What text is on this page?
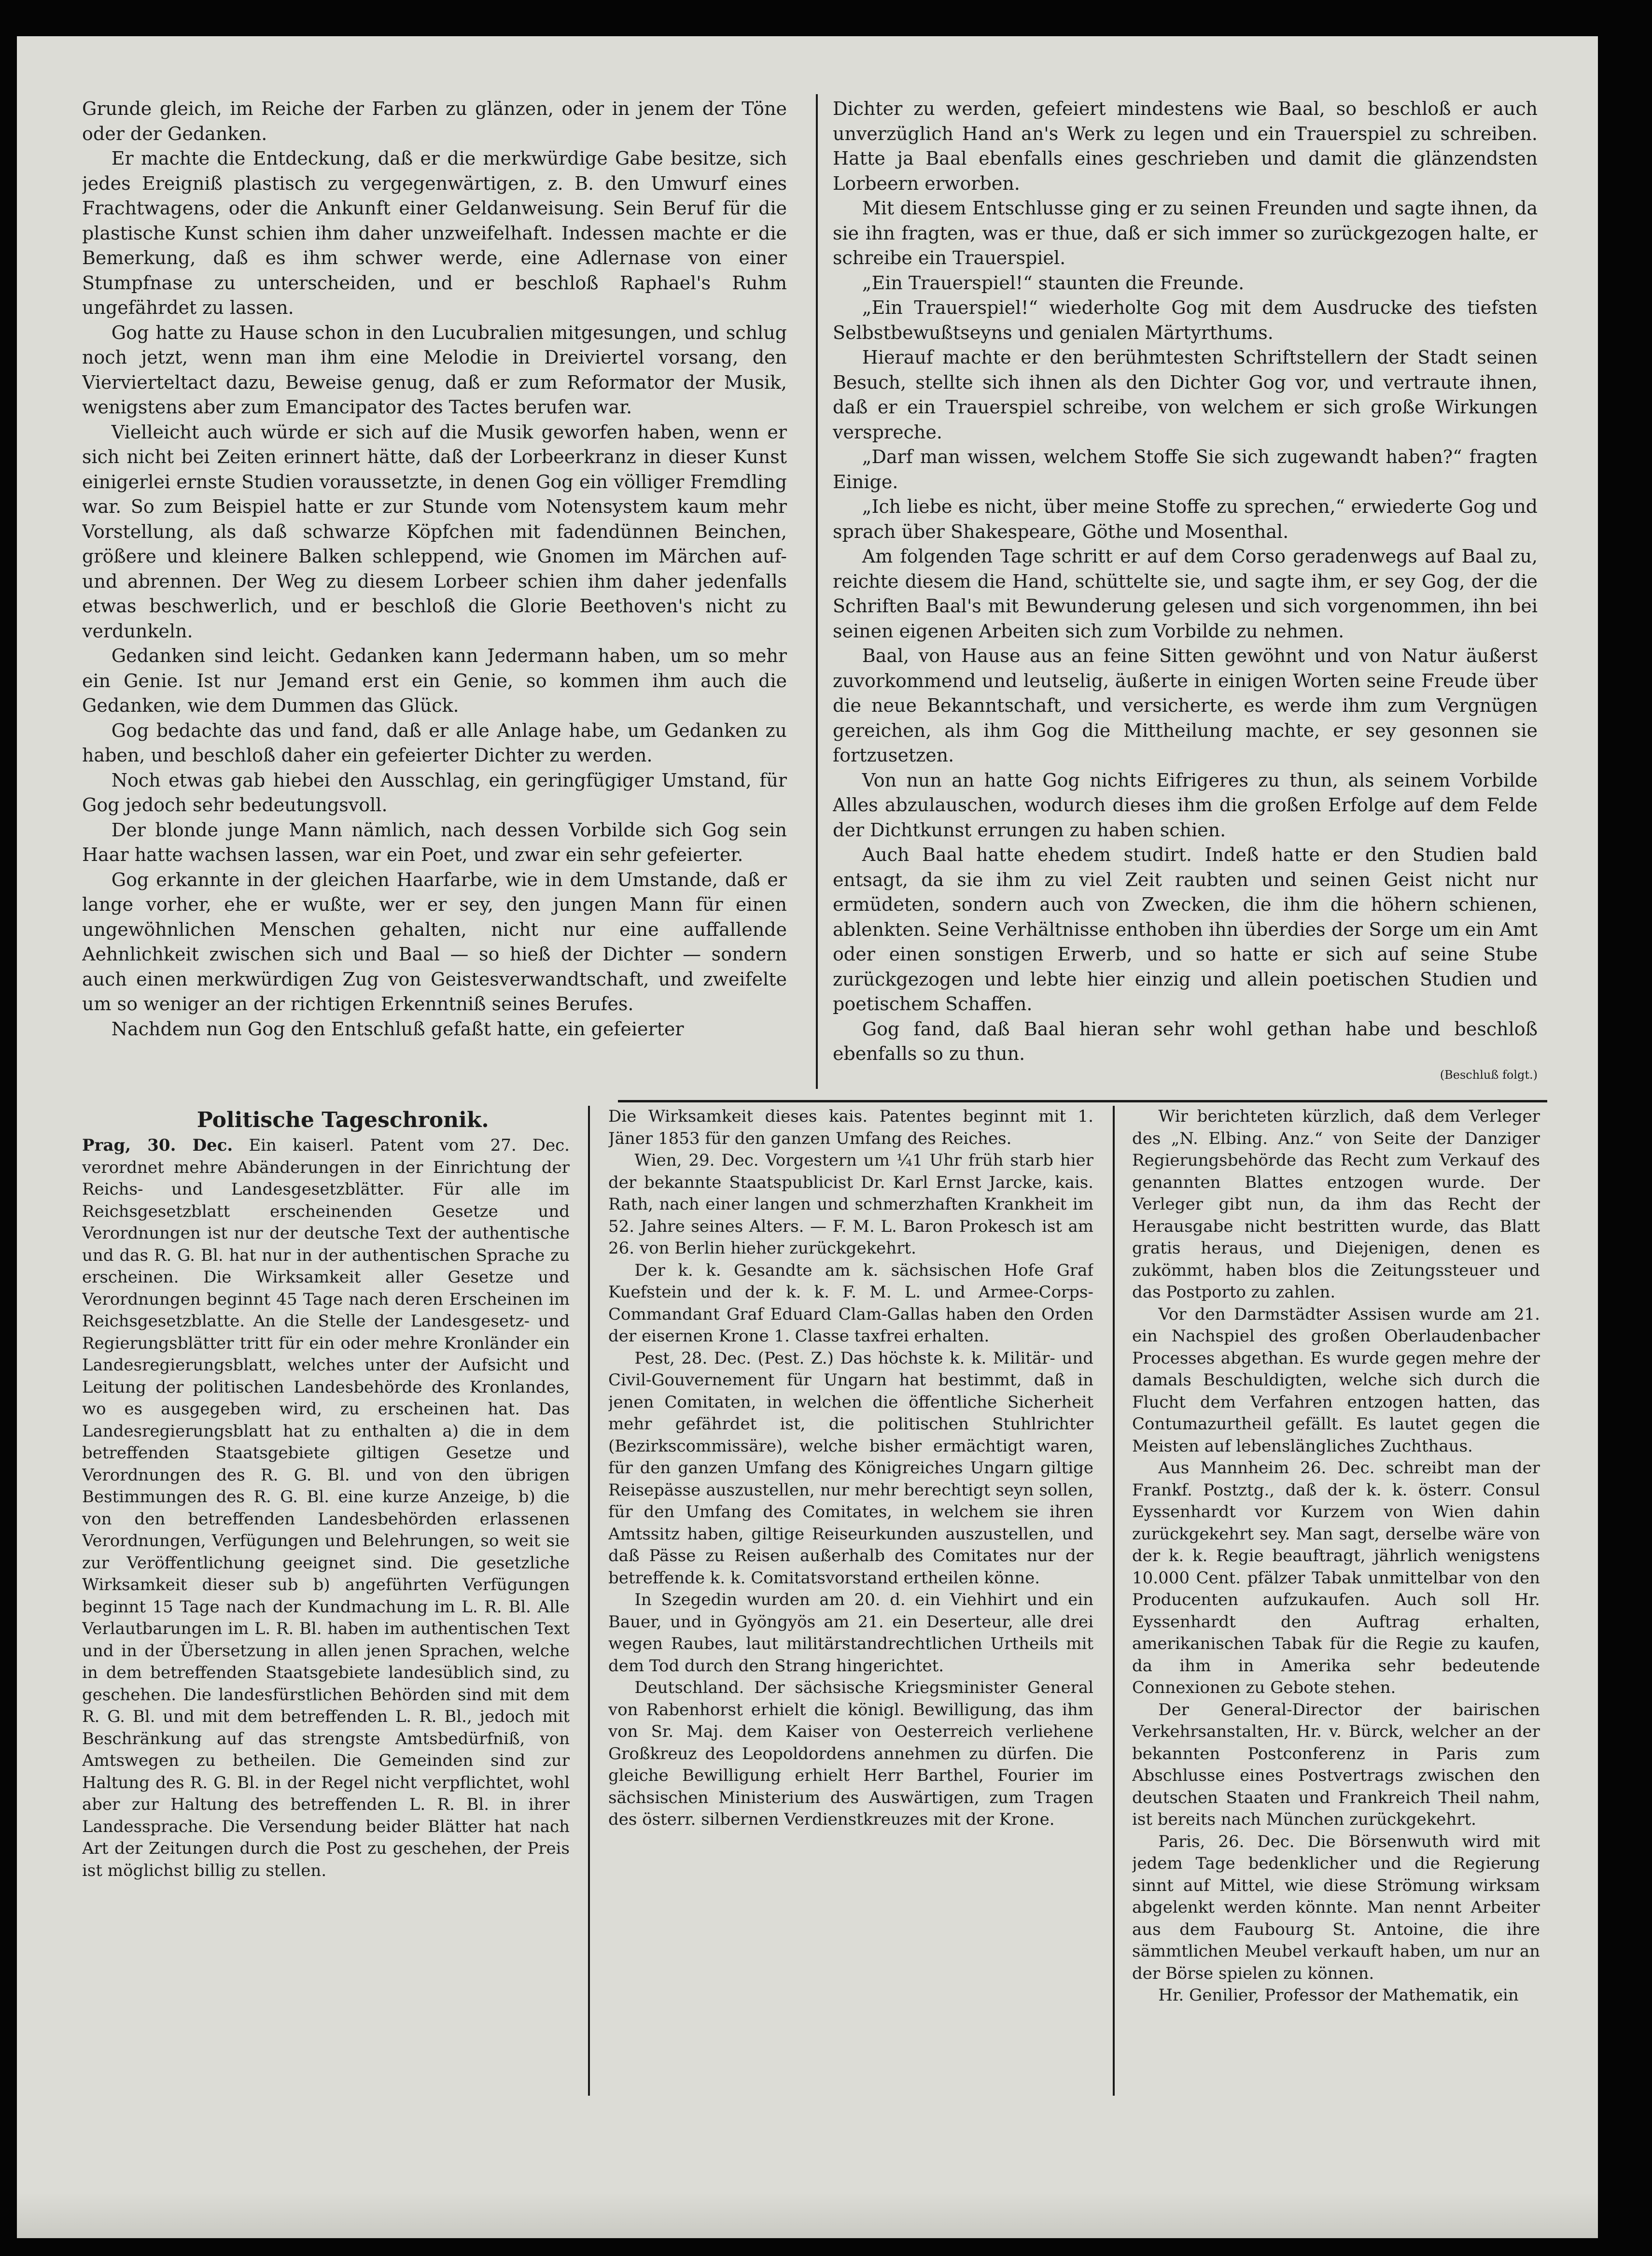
Grunde gleich, im Reiche der Farben zu glänzen, oder in jenem der Töne oder der Gedanken.

Er machte die Entdeckung, daß er die merkwürdige Gabe besitze, sich jedes Ereigniß plastisch zu vergegenwärtigen, z. B. den Umwurf eines Frachtwagens, oder die Ankunft einer Geldanweisung. Sein Beruf für die plastische Kunst schien ihm daher unzweifelhaft. Indessen machte er die Bemerkung, daß es ihm schwer werde, eine Adlernase von einer Stumpfnase zu unterscheiden, und er beschloß Raphael's Ruhm ungefährdet zu lassen.

Gog hatte zu Hause schon in den Lucubralien mitgesungen, und schlug noch jetzt, wenn man ihm eine Melodie in Dreiviertel vorsang, den Viervierteltact dazu, Beweise genug, daß er zum Reformator der Musik, wenigstens aber zum Emancipator des Tactes berufen war.

Vielleicht auch würde er sich auf die Musik geworfen haben, wenn er sich nicht bei Zeiten erinnert hätte, daß der Lorbeerkranz in dieser Kunst einigerlei ernste Studien voraussetzte, in denen Gog ein völliger Fremdling war. So zum Beispiel hatte er zur Stunde vom Notensystem kaum mehr Vorstellung, als daß schwarze Köpfchen mit fadendünnen Beinchen, größere und kleinere Balken schleppend, wie Gnomen im Märchen auf- und abrennen. Der Weg zu diesem Lorbeer schien ihm daher jedenfalls etwas beschwerlich, und er beschloß die Glorie Beethoven's nicht zu verdunkeln.

Gedanken sind leicht. Gedanken kann Jedermann haben, um so mehr ein Genie. Ist nur Jemand erst ein Genie, so kommen ihm auch die Gedanken, wie dem Dummen das Glück.

Gog bedachte das und fand, daß er alle Anlage habe, um Gedanken zu haben, und beschloß daher ein gefeierter Dichter zu werden.

Noch etwas gab hiebei den Ausschlag, ein geringfügiger Umstand, für Gog jedoch sehr bedeutungsvoll.

Der blonde junge Mann nämlich, nach dessen Vorbilde sich Gog sein Haar hatte wachsen lassen, war ein Poet, und zwar ein sehr gefeierter.

Gog erkannte in der gleichen Haarfarbe, wie in dem Umstande, daß er lange vorher, ehe er wußte, wer er sey, den jungen Mann für einen ungewöhnlichen Menschen gehalten, nicht nur eine auffallende Aehnlichkeit zwischen sich und Baal — so hieß der Dichter — sondern auch einen merkwürdigen Zug von Geistesverwandtschaft, und zweifelte um so weniger an der richtigen Erkenntniß seines Berufes.

Nachdem nun Gog den Entschluß gefaßt hatte, ein gefeierter

Dichter zu werden, gefeiert mindestens wie Baal, so beschloß er auch unverzüglich Hand an's Werk zu legen und ein Trauerspiel zu schreiben. Hatte ja Baal ebenfalls eines geschrieben und damit die glänzendsten Lorbeern erworben.

Mit diesem Entschlusse ging er zu seinen Freunden und sagte ihnen, da sie ihn fragten, was er thue, daß er sich immer so zurückgezogen halte, er schreibe ein Trauerspiel.

„Ein Trauerspiel!“ staunten die Freunde.

„Ein Trauerspiel!“ wiederholte Gog mit dem Ausdrucke des tiefsten Selbstbewußtseyns und genialen Märtyrthums.

Hierauf machte er den berühmtesten Schriftstellern der Stadt seinen Besuch, stellte sich ihnen als den Dichter Gog vor, und vertraute ihnen, daß er ein Trauerspiel schreibe, von welchem er sich große Wirkungen verspreche.

„Darf man wissen, welchem Stoffe Sie sich zugewandt haben?“ fragten Einige.

„Ich liebe es nicht, über meine Stoffe zu sprechen,“ erwiederte Gog und sprach über Shakespeare, Göthe und Mosenthal.

Am folgenden Tage schritt er auf dem Corso geradenwegs auf Baal zu, reichte diesem die Hand, schüttelte sie, und sagte ihm, er sey Gog, der die Schriften Baal's mit Bewunderung gelesen und sich vorgenommen, ihn bei seinen eigenen Arbeiten sich zum Vorbilde zu nehmen.

Baal, von Hause aus an feine Sitten gewöhnt und von Natur äußerst zuvorkommend und leutselig, äußerte in einigen Worten seine Freude über die neue Bekanntschaft, und versicherte, es werde ihm zum Vergnügen gereichen, als ihm Gog die Mittheilung machte, er sey gesonnen sie fortzusetzen.

Von nun an hatte Gog nichts Eifrigeres zu thun, als seinem Vorbilde Alles abzulauschen, wodurch dieses ihm die großen Erfolge auf dem Felde der Dichtkunst errungen zu haben schien.

Auch Baal hatte ehedem studirt. Indeß hatte er den Studien bald entsagt, da sie ihm zu viel Zeit raubten und seinen Geist nicht nur ermüdeten, sondern auch von Zwecken, die ihm die höhern schienen, ablenkten. Seine Verhältnisse enthoben ihn überdies der Sorge um ein Amt oder einen sonstigen Erwerb, und so hatte er sich auf seine Stube zurückgezogen und lebte hier einzig und allein poetischen Studien und poetischem Schaffen.

Gog fand, daß Baal hieran sehr wohl gethan habe und beschloß ebenfalls so zu thun.

(Beschluß folgt.)

Politische Tageschronik.

Prag, 30. Dec. Ein kaiserl. Patent vom 27. Dec. verordnet mehre Abänderungen in der Einrichtung der Reichs- und Landesgesetzblätter. Für alle im Reichsgesetzblatt erscheinenden Gesetze und Verordnungen ist nur der deutsche Text der authentische und das R. G. Bl. hat nur in der authentischen Sprache zu erscheinen. Die Wirksamkeit aller Gesetze und Verordnungen beginnt 45 Tage nach deren Erscheinen im Reichsgesetzblatte. An die Stelle der Landesgesetz- und Regierungsblätter tritt für ein oder mehre Kronländer ein Landesregierungsblatt, welches unter der Aufsicht und Leitung der politischen Landesbehörde des Kronlandes, wo es ausgegeben wird, zu erscheinen hat. Das Landesregierungsblatt hat zu enthalten a) die in dem betreffenden Staatsgebiete giltigen Gesetze und Verordnungen des R. G. Bl. und von den übrigen Bestimmungen des R. G. Bl. eine kurze Anzeige, b) die von den betreffenden Landesbehörden erlassenen Verordnungen, Verfügungen und Belehrungen, so weit sie zur Veröffentlichung geeignet sind. Die gesetzliche Wirksamkeit dieser sub b) angeführten Verfügungen beginnt 15 Tage nach der Kundmachung im L. R. Bl. Alle Verlautbarungen im L. R. Bl. haben im authentischen Text und in der Übersetzung in allen jenen Sprachen, welche in dem betreffenden Staatsgebiete landesüblich sind, zu geschehen. Die landesfürstlichen Behörden sind mit dem R. G. Bl. und mit dem betreffenden L. R. Bl., jedoch mit Beschränkung auf das strengste Amtsbedürfniß, von Amtswegen zu betheilen. Die Gemeinden sind zur Haltung des R. G. Bl. in der Regel nicht verpflichtet, wohl aber zur Haltung des betreffenden L. R. Bl. in ihrer Landessprache. Die Versendung beider Blätter hat nach Art der Zeitungen durch die Post zu geschehen, der Preis ist möglichst billig zu stellen.

Die Wirksamkeit dieses kais. Patentes beginnt mit 1. Jäner 1853 für den ganzen Umfang des Reiches.

Wien, 29. Dec. Vorgestern um ¼1 Uhr früh starb hier der bekannte Staatspublicist Dr. Karl Ernst Jarcke, kais. Rath, nach einer langen und schmerzhaften Krankheit im 52. Jahre seines Alters. — F. M. L. Baron Prokesch ist am 26. von Berlin hieher zurückgekehrt.

Der k. k. Gesandte am k. sächsischen Hofe Graf Kuefstein und der k. k. F. M. L. und Armee-Corps-Commandant Graf Eduard Clam-Gallas haben den Orden der eisernen Krone 1. Classe taxfrei erhalten.

Pest, 28. Dec. (Pest. Z.) Das höchste k. k. Militär- und Civil-Gouvernement für Ungarn hat bestimmt, daß in jenen Comitaten, in welchen die öffentliche Sicherheit mehr gefährdet ist, die politischen Stuhlrichter (Bezirkscommissäre), welche bisher ermächtigt waren, für den ganzen Umfang des Königreiches Ungarn giltige Reisepässe auszustellen, nur mehr berechtigt seyn sollen, für den Umfang des Comitates, in welchem sie ihren Amtssitz haben, giltige Reiseurkunden auszustellen, und daß Pässe zu Reisen außerhalb des Comitates nur der betreffende k. k. Comitatsvorstand ertheilen könne.

In Szegedin wurden am 20. d. ein Viehhirt und ein Bauer, und in Gyöngyös am 21. ein Deserteur, alle drei wegen Raubes, laut militärstandrechtlichen Urtheils mit dem Tod durch den Strang hingerichtet.

Deutschland. Der sächsische Kriegsminister General von Rabenhorst erhielt die königl. Bewilligung, das ihm von Sr. Maj. dem Kaiser von Oesterreich verliehene Großkreuz des Leopoldordens annehmen zu dürfen. Die gleiche Bewilligung erhielt Herr Barthel, Fourier im sächsischen Ministerium des Auswärtigen, zum Tragen des österr. silbernen Verdienstkreuzes mit der Krone.

Wir berichteten kürzlich, daß dem Verleger des „N. Elbing. Anz.“ von Seite der Danziger Regierungsbehörde das Recht zum Verkauf des genannten Blattes entzogen wurde. Der Verleger gibt nun, da ihm das Recht der Herausgabe nicht bestritten wurde, das Blatt gratis heraus, und Diejenigen, denen es zukömmt, haben blos die Zeitungssteuer und das Postporto zu zahlen.

Vor den Darmstädter Assisen wurde am 21. ein Nachspiel des großen Oberlaudenbacher Processes abgethan. Es wurde gegen mehre der damals Beschuldigten, welche sich durch die Flucht dem Verfahren entzogen hatten, das Contumazurtheil gefällt. Es lautet gegen die Meisten auf lebenslängliches Zuchthaus.

Aus Mannheim 26. Dec. schreibt man der Frankf. Postztg., daß der k. k. österr. Consul Eyssenhardt vor Kurzem von Wien dahin zurückgekehrt sey. Man sagt, derselbe wäre von der k. k. Regie beauftragt, jährlich wenigstens 10.000 Cent. pfälzer Tabak unmittelbar von den Producenten aufzukaufen. Auch soll Hr. Eyssenhardt den Auftrag erhalten, amerikanischen Tabak für die Regie zu kaufen, da ihm in Amerika sehr bedeutende Connexionen zu Gebote stehen.

Der General-Director der bairischen Verkehrsanstalten, Hr. v. Bürck, welcher an der bekannten Postconferenz in Paris zum Abschlusse eines Postvertrags zwischen den deutschen Staaten und Frankreich Theil nahm, ist bereits nach München zurückgekehrt.

Paris, 26. Dec. Die Börsenwuth wird mit jedem Tage bedenklicher und die Regierung sinnt auf Mittel, wie diese Strömung wirksam abgelenkt werden könnte. Man nennt Arbeiter aus dem Faubourg St. Antoine, die ihre sämmtlichen Meubel verkauft haben, um nur an der Börse spielen zu können.

Hr. Genilier, Professor der Mathematik, ein
